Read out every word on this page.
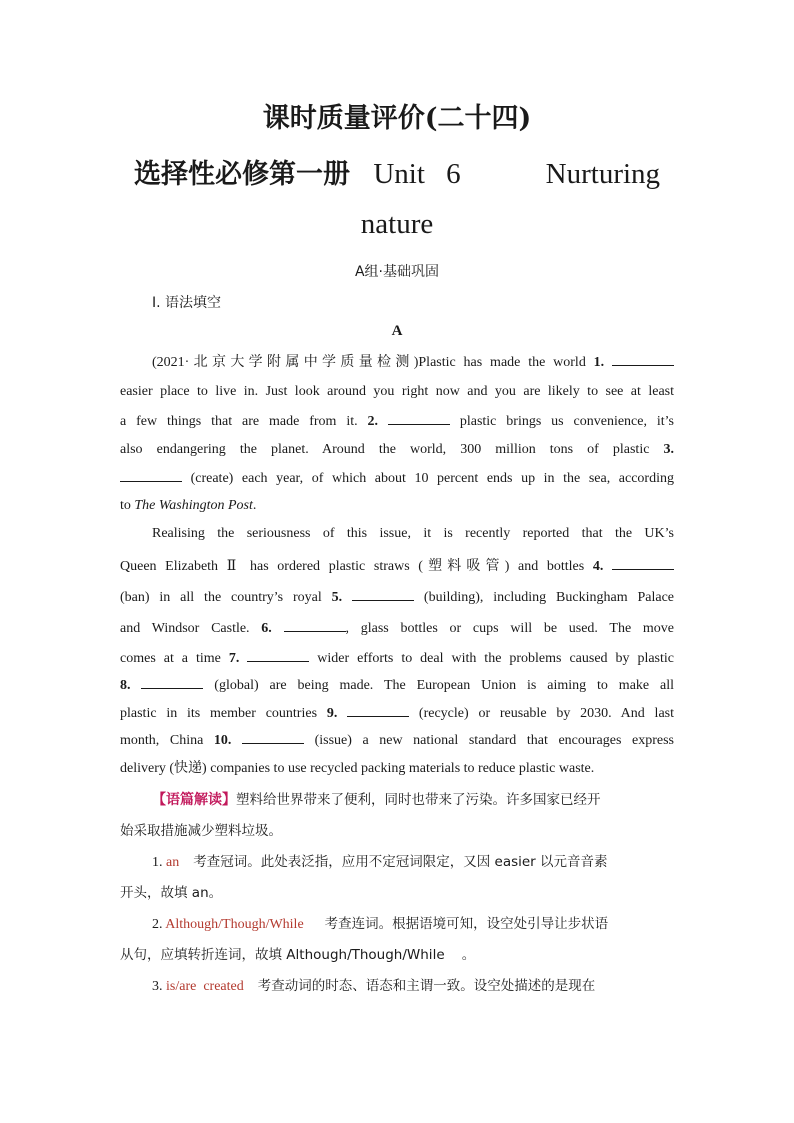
课时质量评价(二十四)
选择性必修第一册 Unit 6    Nurturing
nature
A组·基础巩固
Ⅰ. 语法填空
A
(2021·北京大学附属中学质量检测)Plastic has made the world 1.
easier place to live in. Just look around you right now and you are likely to see at least
a few things that are made from it. 2.	plastic brings us convenience, it’s
also endangering the planet. Around the world, 300 million tons of plastic 3.
(create) each year, of which about 10 percent ends up in the sea, according
to The Washington Post.
Realising the seriousness of this issue, it is recently reported that the UK’s
Queen Elizabeth Ⅱ has ordered plastic straws (塑料吸管) and bottles 4.
(ban) in all the country’s royal 5.	(building), including Buckingham Palace
and Windsor Castle. 6.	, glass bottles or cups will be used. The move
comes at a time 7.	wider efforts to deal with the problems caused by plastic
8.	(global) are being made. The European Union is aiming to make all
plastic in its member countries 9.	(recycle) or reusable by 2030. And last
month, China 10.	(issue) a new national standard that encourages express
delivery (快递) companies to use recycled packing materials to reduce plastic waste.
【语篇解读】塑料给世界带来了便利，同时也带来了污染。许多国家已经开
始采取措施减少塑料垃圾。
1. an 考查冠词。此处表泛指，应用不定冠词限定，又因 easier 以元音音素
开头，故填 an。
2. Although/Though/While 考查连词。根据语境可知，设空处引导让步状语
从句，应填转折连词，故填 Although/Though/While    。
3. is/are  created 考查动词的时态、语态和主谓一致。设空处描述的是现在
